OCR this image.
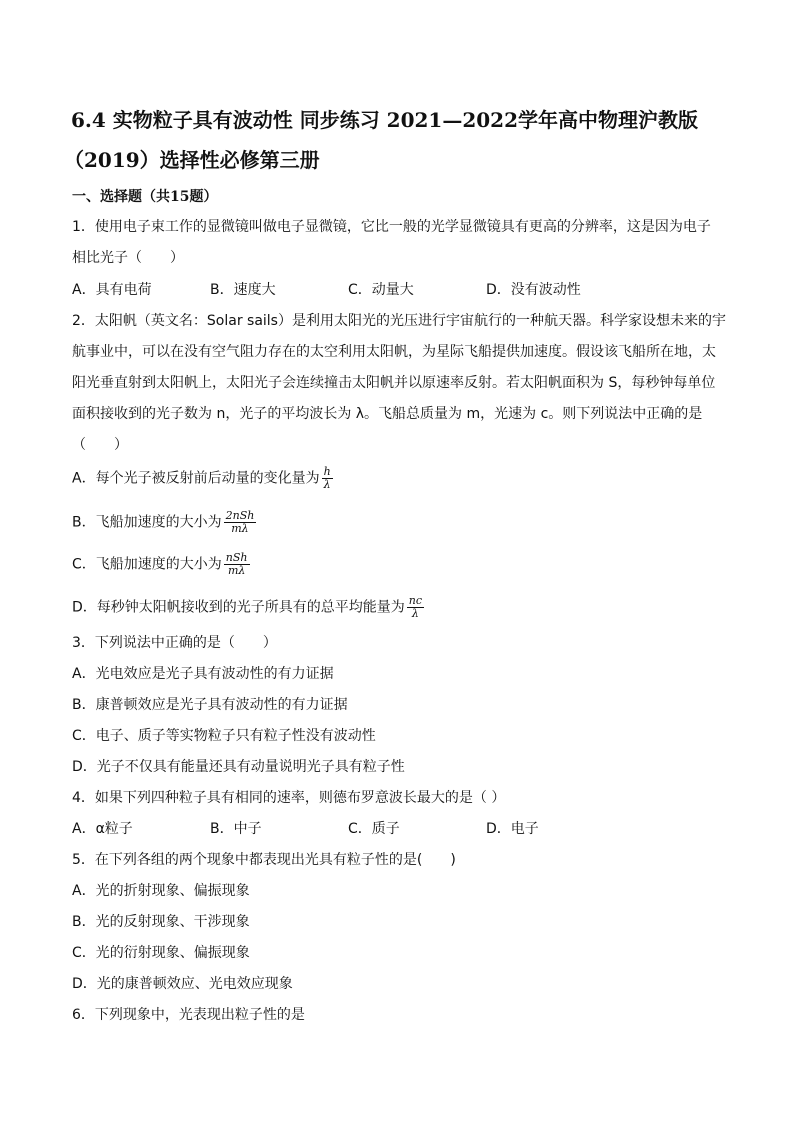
6.4 实物粒子具有波动性 同步练习 2021—2022学年高中物理沪教版
（2019）选择性必修第三册

一、选择题（共15题）

1．使用电子束工作的显微镜叫做电子显微镜，它比一般的光学显微镜具有更高的分辨率，这是因为电子

相比光子（　　）

A．具有电荷	B．速度大	C．动量大	D．没有波动性

2．太阳帆（英文名：Solar sails）是利用太阳光的光压进行宇宙航行的一种航天器。科学家设想未来的宇

航事业中，可以在没有空气阻力存在的太空利用太阳帆，为星际飞船提供加速度。假设该飞船所在地，太

阳光垂直射到太阳帆上，太阳光子会连续撞击太阳帆并以原速率反射。若太阳帆面积为 S，每秒钟每单位

面积接收到的光子数为 n，光子的平均波长为 λ。飞船总质量为 m，光速为 c。则下列说法中正确的是

（　　）

A．每个光子被反射前后动量的变化量为 $\frac{h}{\lambda}$
B．飞船加速度的大小为 $\frac{\text{2nSh}}{m\lambda}$
C．飞船加速度的大小为 $\frac{\text{nSh}}{m\lambda}$
D．每秒钟太阳帆接收到的光子所具有的总平均能量为 $\frac{nc}{\lambda}$

3．下列说法中正确的是（　　）

A．光电效应是光子具有波动性的有力证据

B．康普顿效应是光子具有波动性的有力证据

C．电子、质子等实物粒子只有粒子性没有波动性

D．光子不仅具有能量还具有动量说明光子具有粒子性

4．如果下列四种粒子具有相同的速率，则德布罗意波长最大的是（ ）

A．α粒子	B．中子	C．质子	D．电子

5．在下列各组的两个现象中都表现出光具有粒子性的是(　　)

A．光的折射现象、偏振现象

B．光的反射现象、干涉现象

C．光的衍射现象、偏振现象

D．光的康普顿效应、光电效应现象

6．下列现象中，光表现出粒子性的是
